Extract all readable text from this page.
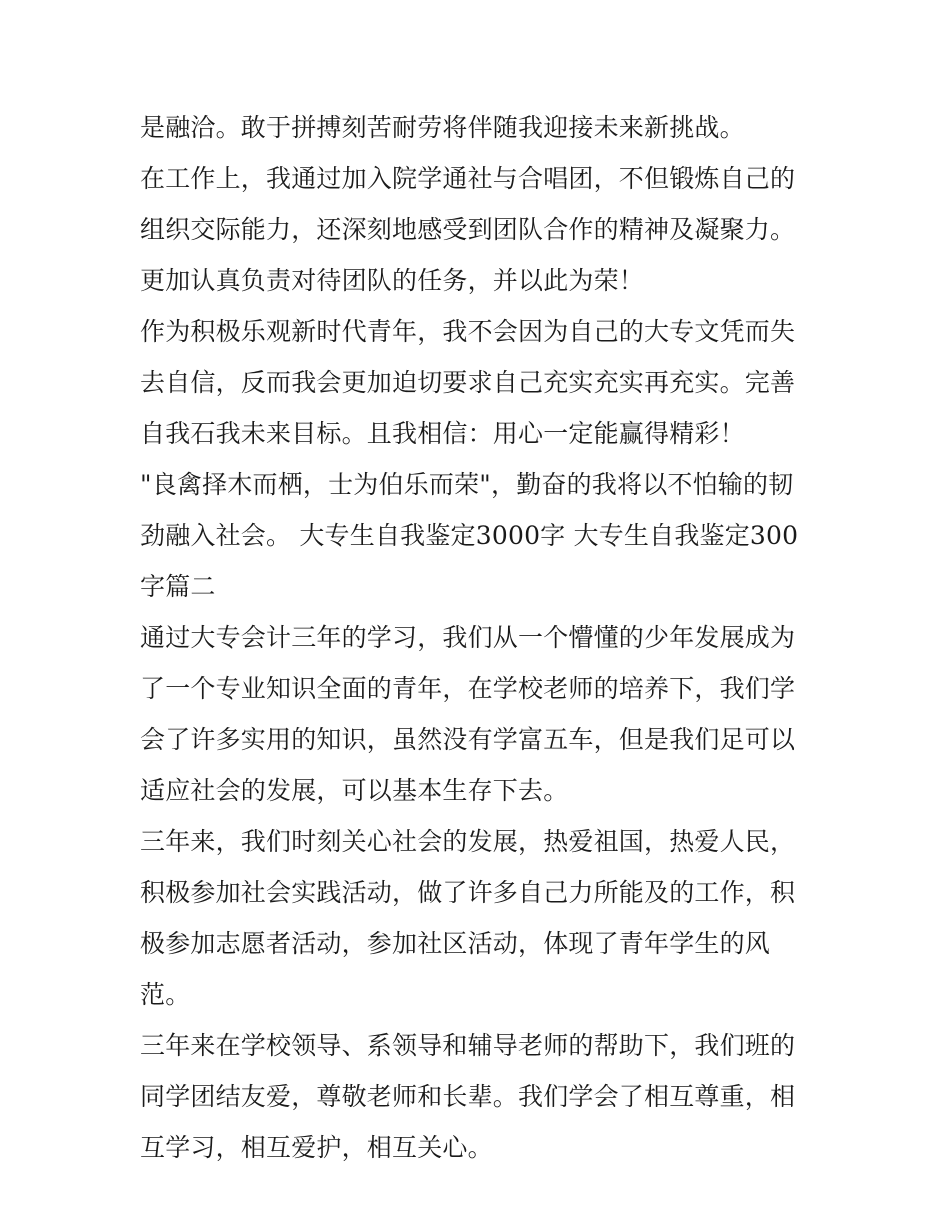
是融洽。敢于拼搏刻苦耐劳将伴随我迎接未来新挑战。

在工作上，我通过加入院学通社与合唱团，不但锻炼自己的组织交际能力，还深刻地感受到团队合作的精神及凝聚力。更加认真负责对待团队的任务，并以此为荣！

作为积极乐观新时代青年，我不会因为自己的大专文凭而失去自信，反而我会更加迫切要求自己充实充实再充实。完善自我石我未来目标。且我相信：用心一定能赢得精彩！

"良禽择木而栖，士为伯乐而荣"，勤奋的我将以不怕输的韧劲融入社会。 大专生自我鉴定3000字 大专生自我鉴定300字篇二

通过大专会计三年的学习，我们从一个懵懂的少年发展成为了一个专业知识全面的青年，在学校老师的培养下，我们学会了许多实用的知识，虽然没有学富五车，但是我们足可以适应社会的发展，可以基本生存下去。

三年来，我们时刻关心社会的发展，热爱祖国，热爱人民，积极参加社会实践活动，做了许多自己力所能及的工作，积极参加志愿者活动，参加社区活动，体现了青年学生的风范。

三年来在学校领导、系领导和辅导老师的帮助下，我们班的同学团结友爱，尊敬老师和长辈。我们学会了相互尊重，相互学习，相互爱护，相互关心。
